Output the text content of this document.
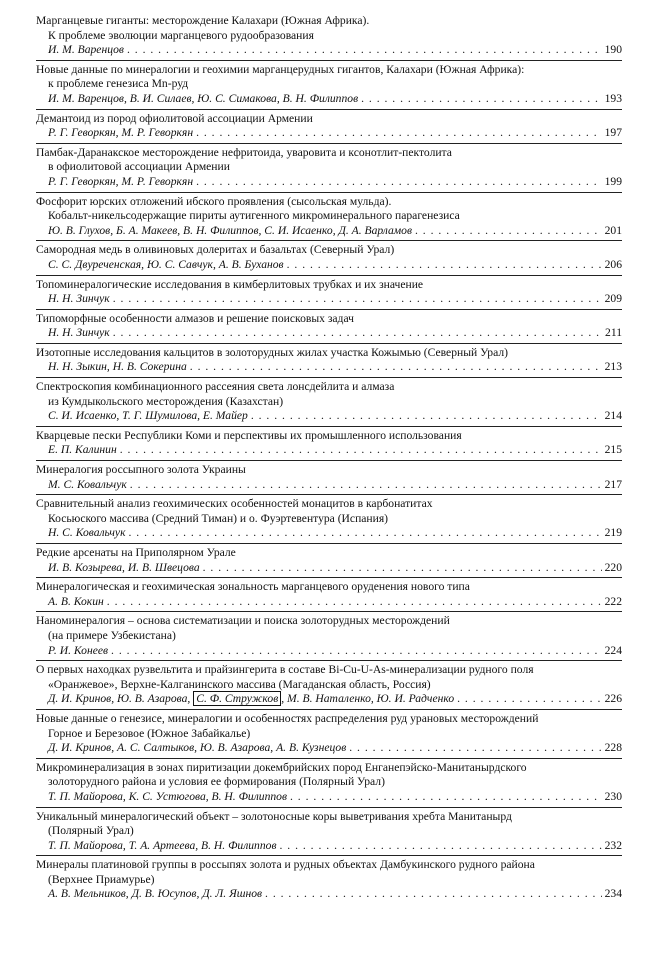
Марганцевые гиганты: месторождение Калахари (Южная Африка).
К проблеме эволюции марганцевого рудообразования
И. М. Варенцов . . .	190
Новые данные по минералогии и геохимии марганцерудных гигантов, Калахари (Южная Африка):
к проблеме генезиса Mn-руд
И. М. Варенцов, В. И. Силаев, Ю. С. Симакова, В. Н. Филиппов . . .	193
Демантоид из пород офиолитовой ассоциации Армении
Р. Г. Геворкян, М. Р. Геворкян . . .	197
Памбак-Даранакское месторождение нефритоида, уваровита и ксонотлит-пектолита
в офиолитовой ассоциации Армении
Р. Г. Геворкян, М. Р. Геворкян . . .	199
Фосфорит юрских отложений ибского проявления (сысольская мульда).
Кобальт-никельсодержащие пириты аутигенного микроминерального парагенезиса
Ю. В. Глухов, Б. А. Макеев, В. Н. Филиппов, С. И. Исаенко, Д. А. Варламов . . .	201
Самородная медь в оливиновых долеритах и базальтах (Северный Урал)
С. С. Двуреченская, Ю. С. Савчук, А. В. Буханов . . .	206
Топоминералогические исследования в кимберлитовых трубках и их значение
Н. Н. Зинчук . . .	209
Типоморфные особенности алмазов и решение поисковых задач
Н. Н. Зинчук . . .	211
Изотопные исследования кальцитов в золоторудных жилах участка Кожымью (Северный Урал)
Н. Н. Зыкин, Н. В. Сокерина . . .	213
Спектроскопия комбинационного рассеяния света лонсдейлита и алмаза
из Кумдыкольского месторождения (Казахстан)
С. И. Исаенко, Т. Г. Шумилова, Е. Майер . . .	214
Кварцевые пески Республики Коми и перспективы их промышленного использования
Е. П. Калинин . . .	215
Минералогия россыпного золота Украины
М. С. Ковальчук . . .	217
Сравнительный анализ геохимических особенностей монацитов в карбонатитах
Косьюского массива (Средний Тиман) и о. Фуэртевентура (Испания)
Н. С. Ковальчук . . .	219
Редкие арсенаты на Приполярном Урале
И. В. Козырева, И. В. Швецова . . .	220
Минералогическая и геохимическая зональность марганцевого оруденения нового типа
А. В. Кокин . . .	222
Наноминералогия – основа систематизации и поиска золоторудных месторождений
(на примере Узбекистана)
Р. И. Конеев . . .	224
О первых находках рузвельтита и прайзингерита в составе Bi-Cu-U-As-минерализации рудного поля
«Оранжевое», Верхне-Калганинского массива (Магаданская область, Россия)
Д. И. Кринов, Ю. В. Азарова, С. Ф. Стружков , М. В. Наталенко, Ю. И. Радченко . . .	226
Новые данные о генезисе, минералогии и особенностях распределения руд урановых месторождений
Горное и Березовое (Южное Забайкалье)
Д. И. Кринов, А. С. Салтыков, Ю. В. Азарова, А. В. Кузнецов . . .	228
Микроминерализация в зонах пиритизации докембрийских пород Енганепэйско-Манитанырдского
золоторудного района и условия ее формирования (Полярный Урал)
Т. П. Майорова, К. С. Устюгова, В. Н. Филиппов . . .	230
Уникальный минералогический объект – золотоносные коры выветривания хребта Манитанырд
(Полярный Урал)
Т. П. Майорова, Т. А. Артеева, В. Н. Филиппов . . .	232
Минералы платиновой группы в россыпях золота и рудных объектах Дамбукинского рудного района
(Верхнее Приамурье)
А. В. Мельников, Д. В. Юсупов, Д. Л. Яшнов . . .	234
